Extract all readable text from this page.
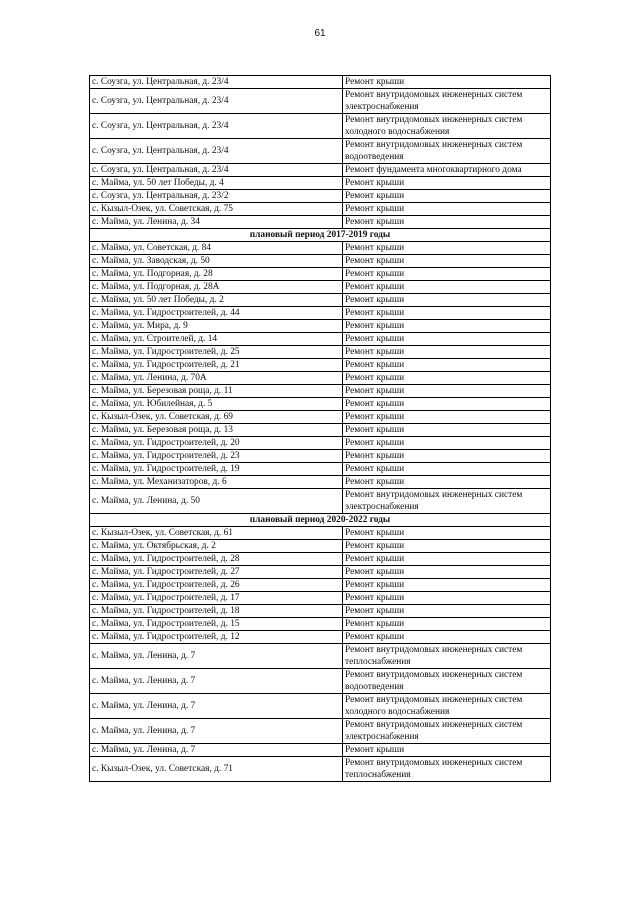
61
с. Соузга, ул. Центральная, д. 23/4	Ремонт крыши
с. Соузга, ул. Центральная, д. 23/4	Ремонт внутридомовых инженерных систем электроснабжения
с. Соузга, ул. Центральная, д. 23/4	Ремонт внутридомовых инженерных систем холодного водоснабжения
с. Соузга, ул. Центральная, д. 23/4	Ремонт внутридомовых инженерных систем водоотведения
с. Соузга, ул. Центральная, д. 23/4	Ремонт фундамента многоквартирного дома
с. Майма, ул. 50 лет Победы, д. 4	Ремонт крыши
с. Соузга, ул. Центральная, д. 23/2	Ремонт крыши
с. Кызыл-Озек, ул. Советская, д. 75	Ремонт крыши
с. Майма, ул. Ленина, д. 34	Ремонт крыши
плановый период 2017-2019 годы	
с. Майма, ул. Советская, д. 84	Ремонт крыши
с. Майма, ул. Заводская, д. 50	Ремонт крыши
с. Майма, ул. Подгорная, д. 28	Ремонт крыши
с. Майма, ул. Подгорная, д. 28А	Ремонт крыши
с. Майма, ул. 50 лет Победы, д. 2	Ремонт крыши
с. Майма, ул. Гидростроителей, д. 44	Ремонт крыши
с. Майма, ул. Мира, д. 9	Ремонт крыши
с. Майма, ул. Строителей, д. 14	Ремонт крыши
с. Майма, ул. Гидростроителей, д. 25	Ремонт крыши
с. Майма, ул. Гидростроителей, д. 21	Ремонт крыши
с. Майма, ул. Ленина, д. 70А	Ремонт крыши
с. Майма, ул. Березовая роща, д. 11	Ремонт крыши
с. Майма, ул. Юбилейная, д. 5	Ремонт крыши
с. Кызыл-Озек, ул. Советская, д. 69	Ремонт крыши
с. Майма, ул. Березовая роща, д. 13	Ремонт крыши
с. Майма, ул. Гидростроителей, д. 20	Ремонт крыши
с. Майма, ул. Гидростроителей, д. 23	Ремонт крыши
с. Майма, ул. Гидростроителей, д. 19	Ремонт крыши
с. Майма, ул. Механизаторов, д. 6	Ремонт крыши
с. Майма, ул. Ленина, д. 50	Ремонт внутридомовых инженерных систем электроснабжения
плановый период 2020-2022 годы	
с. Кызыл-Озек, ул. Советская, д. 61	Ремонт крыши
с. Майма, ул. Октябрьская, д. 2	Ремонт крыши
с. Майма, ул. Гидростроителей, д. 28	Ремонт крыши
с. Майма, ул. Гидростроителей, д. 27	Ремонт крыши
с. Майма, ул. Гидростроителей, д. 26	Ремонт крыши
с. Майма, ул. Гидростроителей, д. 17	Ремонт крыши
с. Майма, ул. Гидростроителей, д. 18	Ремонт крыши
с. Майма, ул. Гидростроителей, д. 15	Ремонт крыши
с. Майма, ул. Гидростроителей, д. 12	Ремонт крыши
с. Майма, ул. Ленина, д. 7	Ремонт внутридомовых инженерных систем теплоснабжения
с. Майма, ул. Ленина, д. 7	Ремонт внутридомовых инженерных систем водоотведения
с. Майма, ул. Ленина, д. 7	Ремонт внутридомовых инженерных систем холодного водоснабжения
с. Майма, ул. Ленина, д. 7	Ремонт внутридомовых инженерных систем электроснабжения
с. Майма, ул. Ленина, д. 7	Ремонт крыши
с. Кызыл-Озек, ул. Советская, д. 71	Ремонт внутридомовых инженерных систем теплоснабжения
